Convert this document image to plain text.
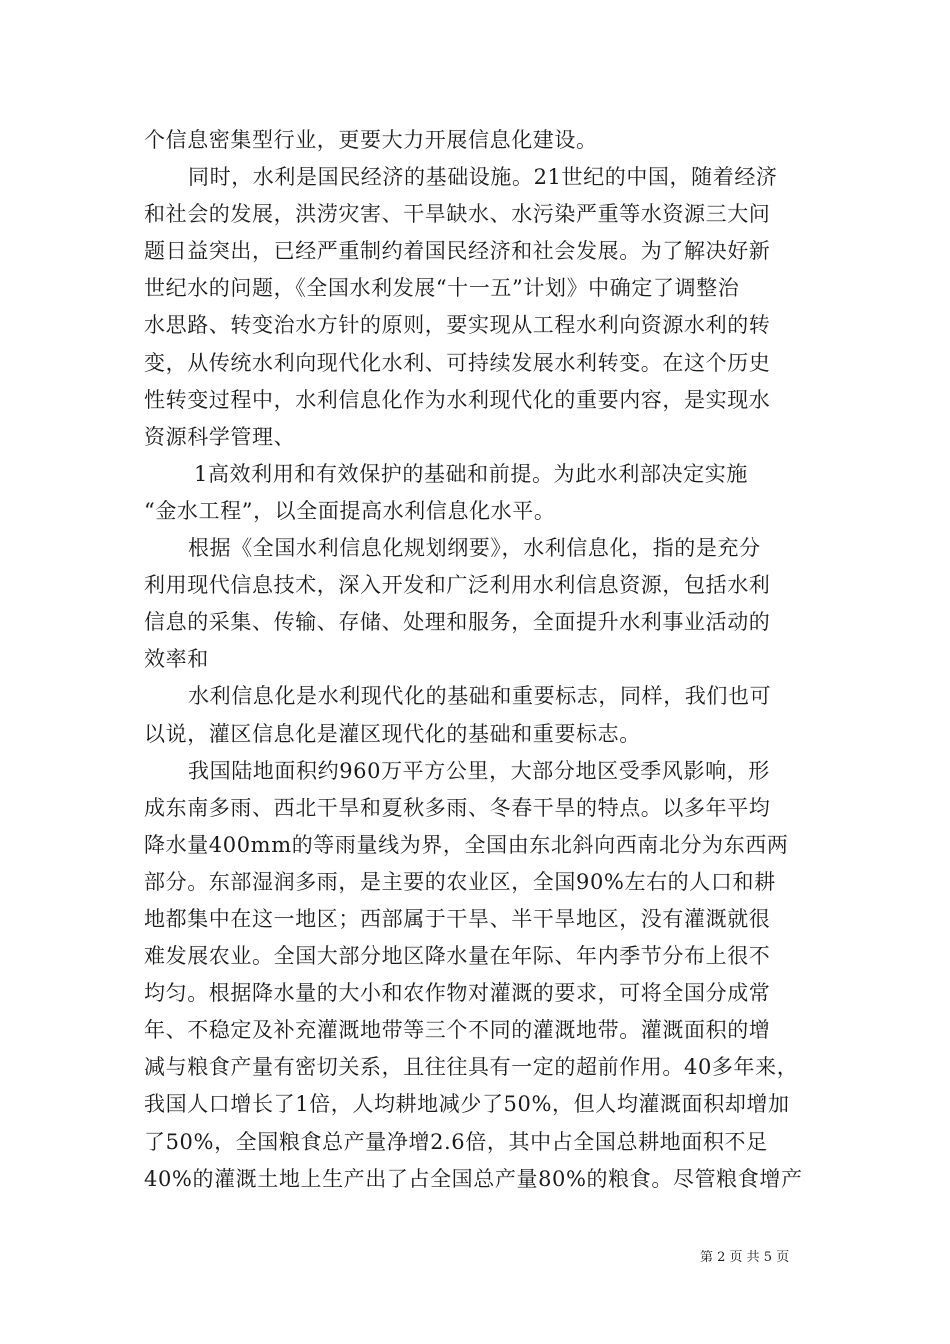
个信息密集型行业，更要大力开展信息化建设。
同时，水利是国民经济的基础设施。21世纪的中国，随着经济
和社会的发展，洪涝灾害、干旱缺水、水污染严重等水资源三大问
题日益突出，已经严重制约着国民经济和社会发展。为了解决好新
世纪水的问题，《全国水利发展“十一五”计划》中确定了调整治
水思路、转变治水方针的原则，要实现从工程水利向资源水利的转
变，从传统水利向现代化水利、可持续发展水利转变。在这个历史
性转变过程中，水利信息化作为水利现代化的重要内容，是实现水
资源科学管理、
1高效利用和有效保护的基础和前提。为此水利部决定实施
“金水工程”，以全面提高水利信息化水平。
根据《全国水利信息化规划纲要》，水利信息化，指的是充分
利用现代信息技术，深入开发和广泛利用水利信息资源，包括水利
信息的采集、传输、存储、处理和服务，全面提升水利事业活动的
效率和
水利信息化是水利现代化的基础和重要标志，同样，我们也可
以说，灌区信息化是灌区现代化的基础和重要标志。
我国陆地面积约960万平方公里，大部分地区受季风影响，形
成东南多雨、西北干旱和夏秋多雨、冬春干旱的特点。以多年平均
降水量400mm的等雨量线为界，全国由东北斜向西南北分为东西两
部分。东部湿润多雨，是主要的农业区，全国90%左右的人口和耕
地都集中在这一地区；西部属于干旱、半干旱地区，没有灌溉就很
难发展农业。全国大部分地区降水量在年际、年内季节分布上很不
均匀。根据降水量的大小和农作物对灌溉的要求，可将全国分成常
年、不稳定及补充灌溉地带等三个不同的灌溉地带。灌溉面积的增
减与粮食产量有密切关系，且往往具有一定的超前作用。40多年来，
我国人口增长了1倍，人均耕地减少了50%，但人均灌溉面积却增加
了50%，全国粮食总产量净增2.6倍，其中占全国总耕地面积不足
40%的灌溉土地上生产出了占全国总产量80%的粮食。尽管粮食增产
第 2 页 共 5 页
